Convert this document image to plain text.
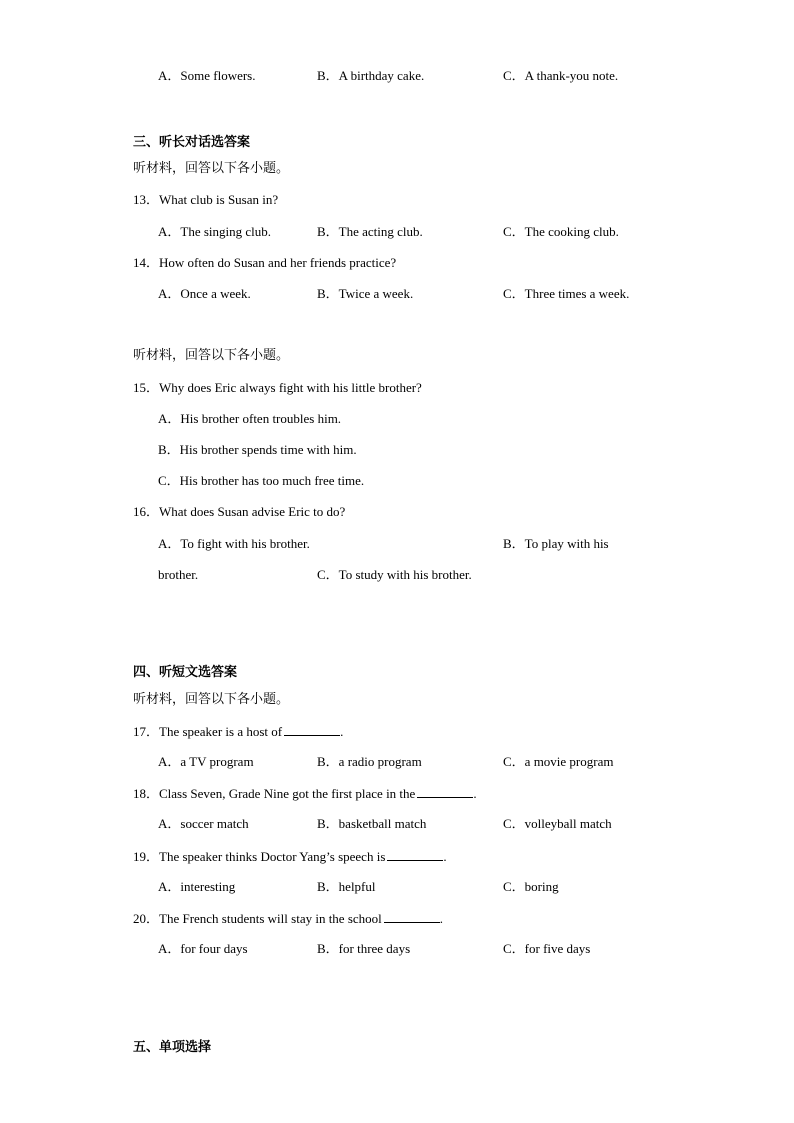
A．Some flowers.	B．A birthday cake.	C．A thank-you note.
三、听长对话选答案
听材料，回答以下各小题。
13．What club is Susan in?
A．The singing club.	B．The acting club.	C．The cooking club.
14．How often do Susan and her friends practice?
A．Once a week.	B．Twice a week.	C．Three times a week.
听材料，回答以下各小题。
15．Why does Eric always fight with his little brother?
A．His brother often troubles him.
B．His brother spends time with him.
C．His brother has too much free time.
16．What does Susan advise Eric to do?
A．To fight with his brother.	B．To play with his
brother.	C．To study with his brother.
四、听短文选答案
听材料，回答以下各小题。
17．The speaker is a host of	.
A．a TV program	B．a radio program	C．a movie program
18．Class Seven, Grade Nine got the first place in the	.
A．soccer match	B．basketball match	C．volleyball match
19．The speaker thinks Doctor Yang’s speech is	.
A．interesting	B．helpful	C．boring
20．The French students will stay in the school	.
A．for four days	B．for three days	C．for five days
五、单项选择
